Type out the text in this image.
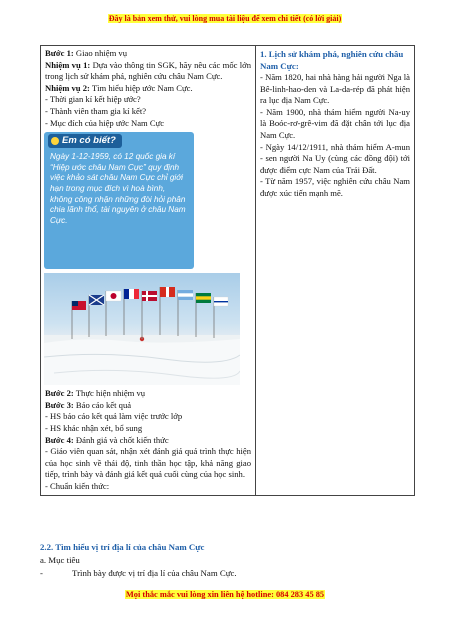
Đây là bản xem thử, vui lòng mua tài liệu để xem chi tiết (có lời giải)
Bước 1: Giao nhiệm vụ
Nhiệm vụ 1: Dựa vào thông tin SGK, hãy nêu các mốc lớn trong lịch sử khám phá, nghiên cứu châu Nam Cực.
Nhiệm vụ 2: Tìm hiểu hiệp ước Nam Cực.
- Thời gian kí kết hiệp ước?
- Thành viên tham gia kí kết?
- Mục đích của hiệp ước Nam Cực
Em có biết?
Ngày 1-12-1959, có 12 quốc gia kí “Hiệp ước châu Nam Cực” quy định việc khảo sát châu Nam Cực chỉ giới hạn trong mục đích vì hoà bình, không công nhận những đòi hỏi phân chia lãnh thổ, tài nguyên ở châu Nam Cực.
Bước 2: Thực hiện nhiệm vụ
Bước 3: Báo cáo kết quả
- HS báo cáo kết quả làm việc trước lớp
- HS khác nhận xét, bổ sung
Bước 4: Đánh giá và chốt kiến thức
- Giáo viên quan sát, nhận xét đánh giá quá trình thực hiện của học sinh về thái độ, tinh thần học tập, khả năng giao tiếp, trình bày và đánh giá kết quả cuối cùng của học sinh.
- Chuẩn kiến thức:

1. Lịch sử khám phá, nghiên cứu châu Nam Cực:
- Năm 1820, hai nhà hàng hải người Nga là Bê-linh-hao-den và La-da-rép đã phát hiện ra lục địa Nam Cực.
- Năm 1900, nhà thám hiểm người Na-uy là Boóc-rơ-grê-vim đã đặt chân tới lục địa Nam Cực.
- Ngày 14/12/1911, nhà thám hiểm A-mun - sen người Na Uy (cùng các đồng đội) tới được điểm cực Nam của Trái Đất.
- Từ năm 1957, việc nghiên cứu châu Nam được xúc tiến mạnh mẽ.
2.2. Tìm hiểu vị trí địa lí của châu Nam Cực
a. Mục tiêu
-	Trình bày được vị trí địa lí của châu Nam Cực.
Mọi thắc mắc vui lòng xin liên hệ hotline: 084 283 45 85
